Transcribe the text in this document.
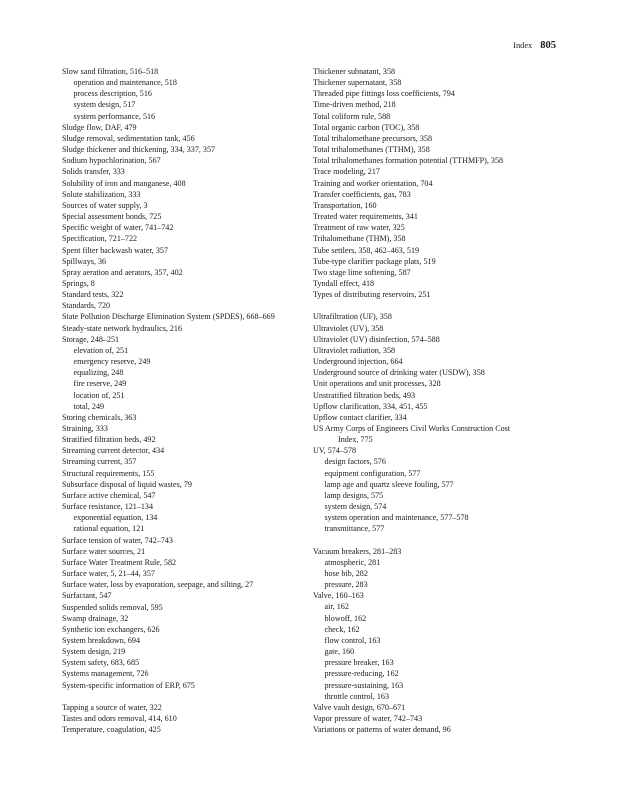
Index 805
Slow sand filtration, 516–518
operation and maintenance, 518
process description, 516
system design, 517
system performance, 516
Sludge flow, DAF, 479
Sludge removal, sedimentation tank, 456
Sludge thickener and thickening, 334, 337, 357
Sodium hypochlorination, 567
Solids transfer, 333
Solubility of iron and manganese, 408
Solute stabilization, 333
Sources of water supply, 3
Special assessment bonds, 725
Specific weight of water, 741–742
Specification, 721–722
Spent filter backwash water, 357
Spillways, 36
Spray aeration and aerators, 357, 402
Springs, 8
Standard tests, 322
Standards, 720
State Pollution Discharge Elimination System (SPDES), 668–669
Steady-state network hydraulics, 216
Storage, 248–251
elevation of, 251
emergency reserve, 249
equalizing, 248
fire reserve, 249
location of, 251
total, 249
Storing chemicals, 363
Straining, 333
Stratified filtration beds, 492
Streaming current detector, 434
Streaming current, 357
Structural requirements, 155
Subsurface disposal of liquid wastes, 79
Surface active chemical, 547
Surface resistance, 121–134
exponential equation, 134
rational equation, 121
Surface tension of water, 742–743
Surface water sources, 21
Surface Water Treatment Rule, 582
Surface water, 5, 21–44, 357
Surface water, loss by evaporation, seepage, and silting, 27
Surfactant, 547
Suspended solids removal, 595
Swamp drainage, 32
Synthetic ion exchangers, 626
System breakdown, 694
System design, 219
System safety, 683, 685
Systems management, 726
System-specific information of ERP, 675
Tapping a source of water, 322
Tastes and odors removal, 414, 610
Temperature, coagulation, 425
Thickener subnatant, 358
Thickener supernatant, 358
Threaded pipe fittings loss coefficients, 794
Time-driven method, 218
Total coliform rule, 588
Total organic carbon (TOC), 358
Total trihalomethane precursors, 358
Total trihalomethanes (TTHM), 358
Total trihalomethanes formation potential (TTHMFP), 358
Trace modeling, 217
Training and worker orientation, 704
Transfer coefficients, gas, 783
Transportation, 160
Treated water requirements, 341
Treatment of raw water, 325
Trihalomethane (THM), 358
Tube settlers, 358, 462–463, 519
Tube-type clarifier package plats, 519
Two stage lime softening, 587
Tyndall effect, 418
Types of distributing reservoirs, 251
Ultrafiltration (UF), 358
Ultraviolet (UV), 358
Ultraviolet (UV) disinfection, 574–588
Ultraviolet radiation, 358
Underground injection, 664
Underground source of drinking water (USDW), 358
Unit operations and unit processes, 328
Unstratified filtration beds, 493
Upflow clarification, 334, 451, 455
Upflow contact clarifier, 334
US Army Corps of Engineers Civil Works Construction Cost
Index, 775
UV, 574–578
design factors, 576
equipment configuration, 577
lamp age and quartz sleeve fouling, 577
lamp designs, 575
system design, 574
system operation and maintenance, 577–578
transmittance, 577
Vacuum breakers, 281–283
atmospheric, 281
hose bib, 282
pressure, 283
Valve, 160–163
air, 162
blowoff, 162
check, 162
flow control, 163
gate, 160
pressure breaker, 163
pressure-reducing, 162
pressure-sustaining, 163
throttle control, 163
Valve vault design, 670–671
Vapor pressure of water, 742–743
Variations or patterns of water demand, 96
